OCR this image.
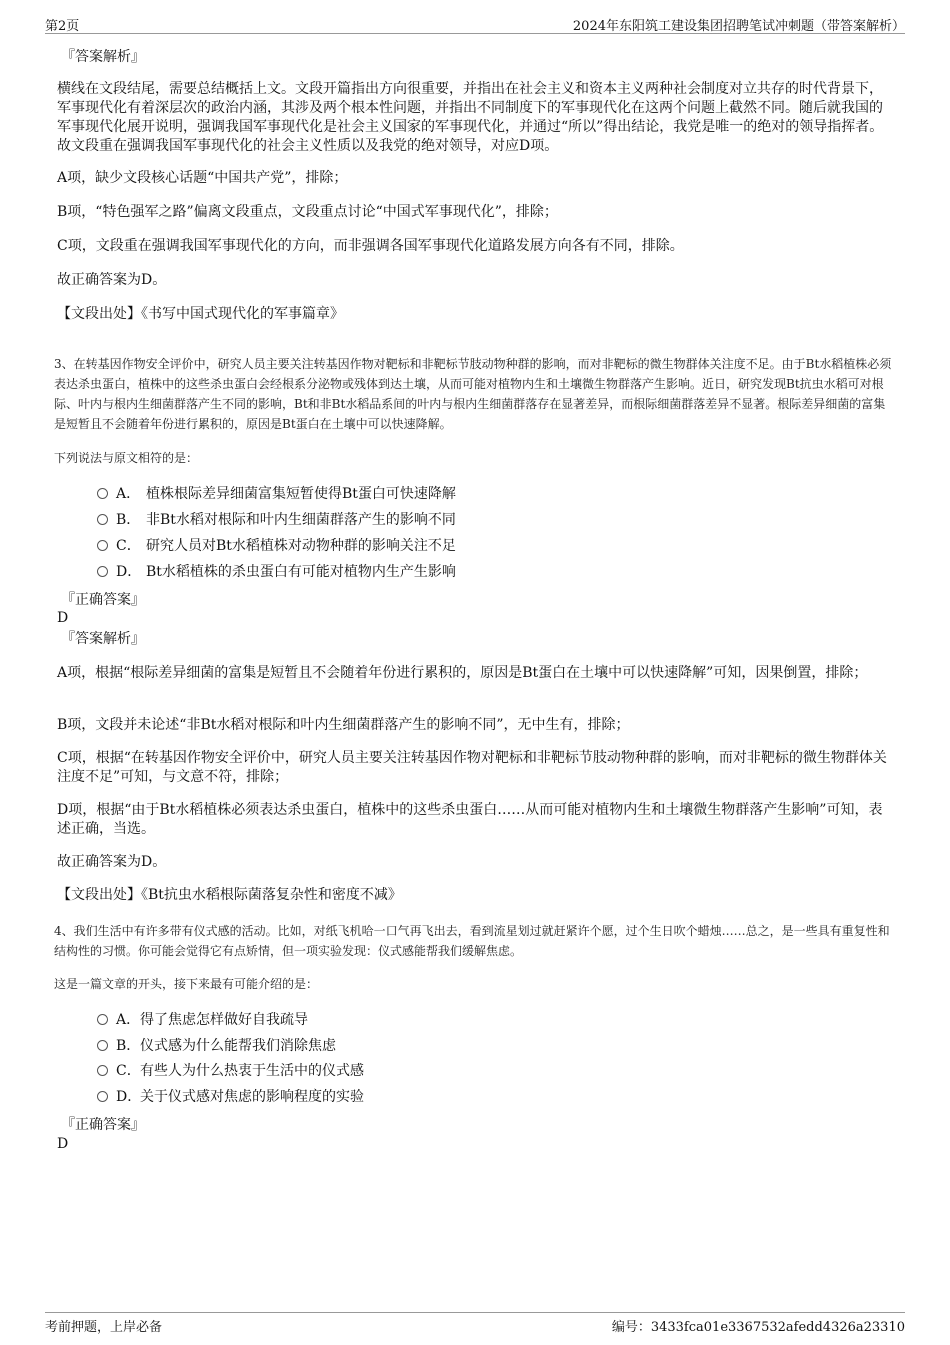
第2页	2024年东阳筑工建设集团招聘笔试冲刺题（带答案解析）
『答案解析』

横线在文段结尾，需要总结概括上文。文段开篇指出方向很重要，并指出在社会主义和资本主义两种社会制度对立共存的时代背景下，军事现代化有着深层次的政治内涵，其涉及两个根本性问题，并指出不同制度下的军事现代化在这两个问题上截然不同。随后就我国的军事现代化展开说明，强调我国军事现代化是社会主义国家的军事现代化，并通过“所以”得出结论，我党是唯一的绝对的领导指挥者。故文段重在强调我国军事现代化的社会主义性质以及我党的绝对领导，对应D项。

A项，缺少文段核心话题“中国共产党”，排除；

B项，“特色强军之路”偏离文段重点，文段重点讨论“中国式军事现代化”，排除；

C项，文段重在强调我国军事现代化的方向，而非强调各国军事现代化道路发展方向各有不同，排除。

故正确答案为D。

【文段出处】《书写中国式现代化的军事篇章》

3、在转基因作物安全评价中，研究人员主要关注转基因作物对靶标和非靶标节肢动物种群的影响，而对非靶标的微生物群体关注度不足。由于Bt水稻植株必须表达杀虫蛋白，植株中的这些杀虫蛋白会经根系分泌物或残体到达土壤，从而可能对植物内生和土壤微生物群落产生影响。近日，研究发现Bt抗虫水稻可对根际、叶内与根内生细菌群落产生不同的影响，Bt和非Bt水稻品系间的叶内与根内生细菌群落存在显著差异，而根际细菌群落差异不显著。根际差异细菌的富集是短暂且不会随着年份进行累积的，原因是Bt蛋白在土壤中可以快速降解。

下列说法与原文相符的是：

A． 植株根际差异细菌富集短暂使得Bt蛋白可快速降解
B． 非Bt水稻对根际和叶内生细菌群落产生的影响不同
C． 研究人员对Bt水稻植株对动物种群的影响关注不足
D． Bt水稻植株的杀虫蛋白有可能对植物内生产生影响
『正确答案』
D
『答案解析』

A项，根据“根际差异细菌的富集是短暂且不会随着年份进行累积的，原因是Bt蛋白在土壤中可以快速降解”可知，因果倒置，排除；

B项，文段并未论述“非Bt水稻对根际和叶内生细菌群落产生的影响不同”，无中生有，排除；

C项，根据“在转基因作物安全评价中，研究人员主要关注转基因作物对靶标和非靶标节肢动物种群的影响，而对非靶标的微生物群体关注度不足”可知，与文意不符，排除；

D项，根据“由于Bt水稻植株必须表达杀虫蛋白，植株中的这些杀虫蛋白……从而可能对植物内生和土壤微生物群落产生影响”可知，表述正确，当选。

故正确答案为D。

【文段出处】《Bt抗虫水稻根际菌落复杂性和密度不减》

4、我们生活中有许多带有仪式感的活动。比如，对纸飞机哈一口气再飞出去，看到流星划过就赶紧许个愿，过个生日吹个蜡烛……总之，是一些具有重复性和结构性的习惯。你可能会觉得它有点矫情，但一项实验发现：仪式感能帮我们缓解焦虑。

这是一篇文章的开头，接下来最有可能介绍的是：

A．得了焦虑怎样做好自我疏导
B．仪式感为什么能帮我们消除焦虑
C．有些人为什么热衷于生活中的仪式感
D．关于仪式感对焦虑的影响程度的实验
『正确答案』
D
考前押题，上岸必备	编号：3433fca01e3367532afedd4326a23310
